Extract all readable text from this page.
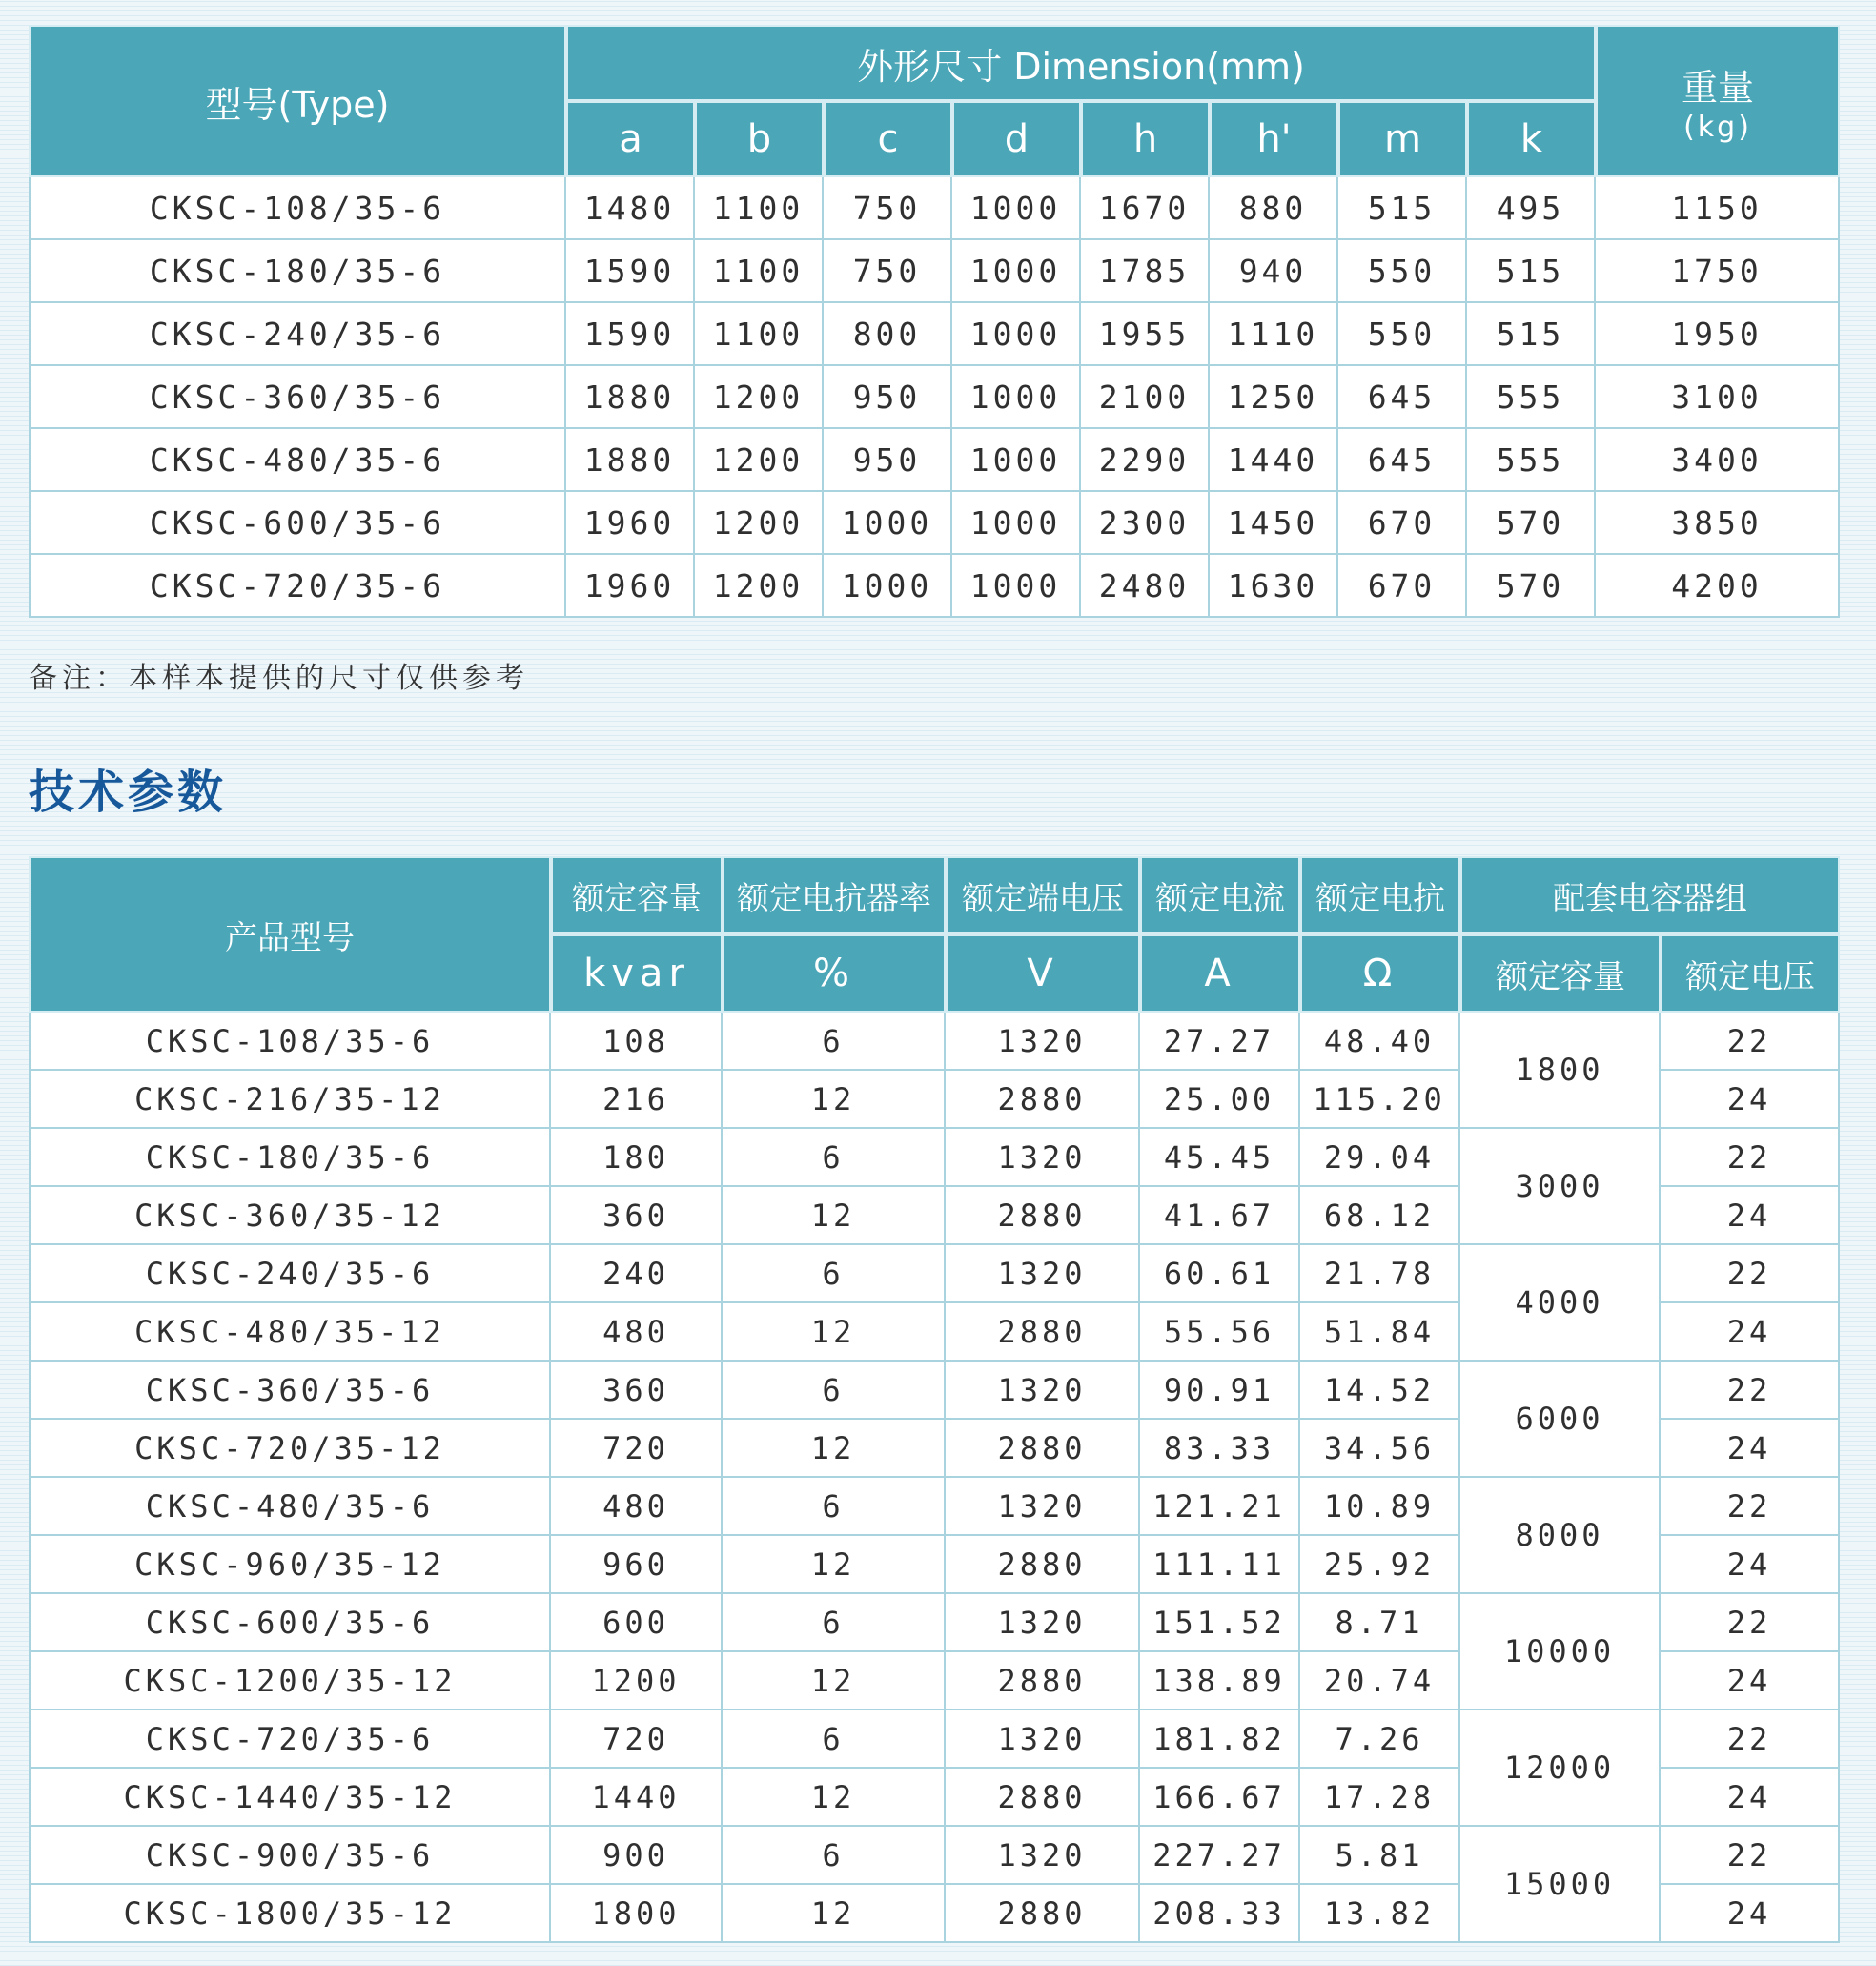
型号(Type)	外形尺寸 Dimension(mm)								重量
(kg)

	a	b	c	d	h	h'	m	k	
CKSC-108/35-6	1480	1100	750	1000	1670	880	515	495	1150
CKSC-180/35-6	1590	1100	750	1000	1785	940	550	515	1750
CKSC-240/35-6	1590	1100	800	1000	1955	1110	550	515	1950
CKSC-360/35-6	1880	1200	950	1000	2100	1250	645	555	3100
CKSC-480/35-6	1880	1200	950	1000	2290	1440	645	555	3400
CKSC-600/35-6	1960	1200	1000	1000	2300	1450	670	570	3850
CKSC-720/35-6	1960	1200	1000	1000	2480	1630	670	570	4200
备注：本样本提供的尺寸仅供参考
技术参数
产品型号	额定容量	额定电抗器率	额定端电压	额定电流	额定电抗	配套电容器组	
	kvar	%	V	A	Ω	额定容量	额定电压
CKSC-108/35-6	108	6	1320	27.27	48.40	1800	22
CKSC-216/35-12	216	12	2880	25.00	115.20		24
CKSC-180/35-6	180	6	1320	45.45	29.04	3000	22
CKSC-360/35-12	360	12	2880	41.67	68.12		24
CKSC-240/35-6	240	6	1320	60.61	21.78	4000	22
CKSC-480/35-12	480	12	2880	55.56	51.84		24
CKSC-360/35-6	360	6	1320	90.91	14.52	6000	22
CKSC-720/35-12	720	12	2880	83.33	34.56		24
CKSC-480/35-6	480	6	1320	121.21	10.89	8000	22
CKSC-960/35-12	960	12	2880	111.11	25.92		24
CKSC-600/35-6	600	6	1320	151.52	8.71	10000	22
CKSC-1200/35-12	1200	12	2880	138.89	20.74		24
CKSC-720/35-6	720	6	1320	181.82	7.26	12000	22
CKSC-1440/35-12	1440	12	2880	166.67	17.28		24
CKSC-900/35-6	900	6	1320	227.27	5.81	15000	22
CKSC-1800/35-12	1800	12	2880	208.33	13.82		24
